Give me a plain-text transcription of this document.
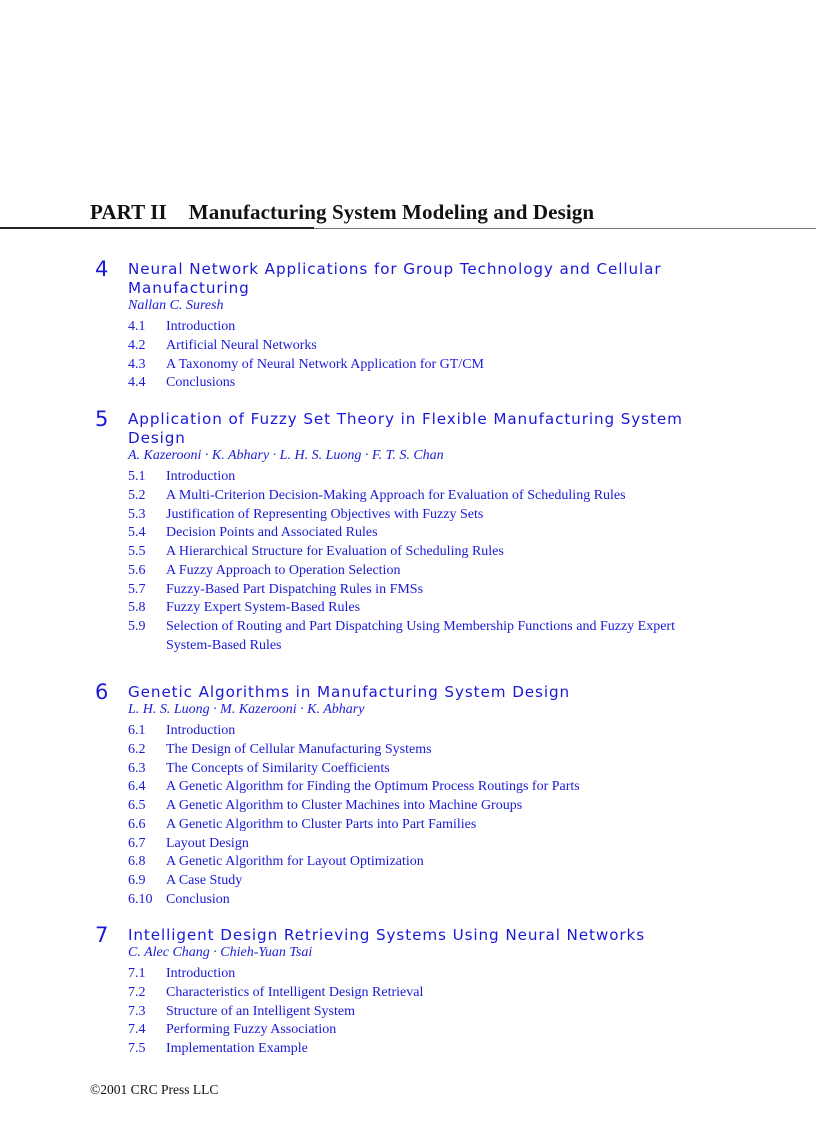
PART II Manufacturing System Modeling and Design
4 Neural Network Applications for Group Technology and Cellular Manufacturing
Nallan C. Suresh
4.1	Introduction
4.2	Artificial Neural Networks
4.3	A Taxonomy of Neural Network Application for GT/CM
4.4	Conclusions
5 Application of Fuzzy Set Theory in Flexible Manufacturing System Design
A. Kazerooni · K. Abhary · L. H. S. Luong · F. T. S. Chan
5.1	Introduction
5.2	A Multi-Criterion Decision-Making Approach for Evaluation of Scheduling Rules
5.3	Justification of Representing Objectives with Fuzzy Sets
5.4	Decision Points and Associated Rules
5.5	A Hierarchical Structure for Evaluation of Scheduling Rules
5.6	A Fuzzy Approach to Operation Selection
5.7	Fuzzy-Based Part Dispatching Rules in FMSs
5.8	Fuzzy Expert System-Based Rules
5.9	Selection of Routing and Part Dispatching Using Membership Functions and Fuzzy Expert System-Based Rules
6 Genetic Algorithms in Manufacturing System Design
L. H. S. Luong · M. Kazerooni · K. Abhary
6.1	Introduction
6.2	The Design of Cellular Manufacturing Systems
6.3	The Concepts of Similarity Coefficients
6.4	A Genetic Algorithm for Finding the Optimum Process Routings for Parts
6.5	A Genetic Algorithm to Cluster Machines into Machine Groups
6.6	A Genetic Algorithm to Cluster Parts into Part Families
6.7	Layout Design
6.8	A Genetic Algorithm for Layout Optimization
6.9	A Case Study
6.10 Conclusion
7 Intelligent Design Retrieving Systems Using Neural Networks
C. Alec Chang · Chieh-Yuan Tsai
7.1	Introduction
7.2	Characteristics of Intelligent Design Retrieval
7.3	Structure of an Intelligent System
7.4	Performing Fuzzy Association
7.5	Implementation Example
©2001 CRC Press LLC
